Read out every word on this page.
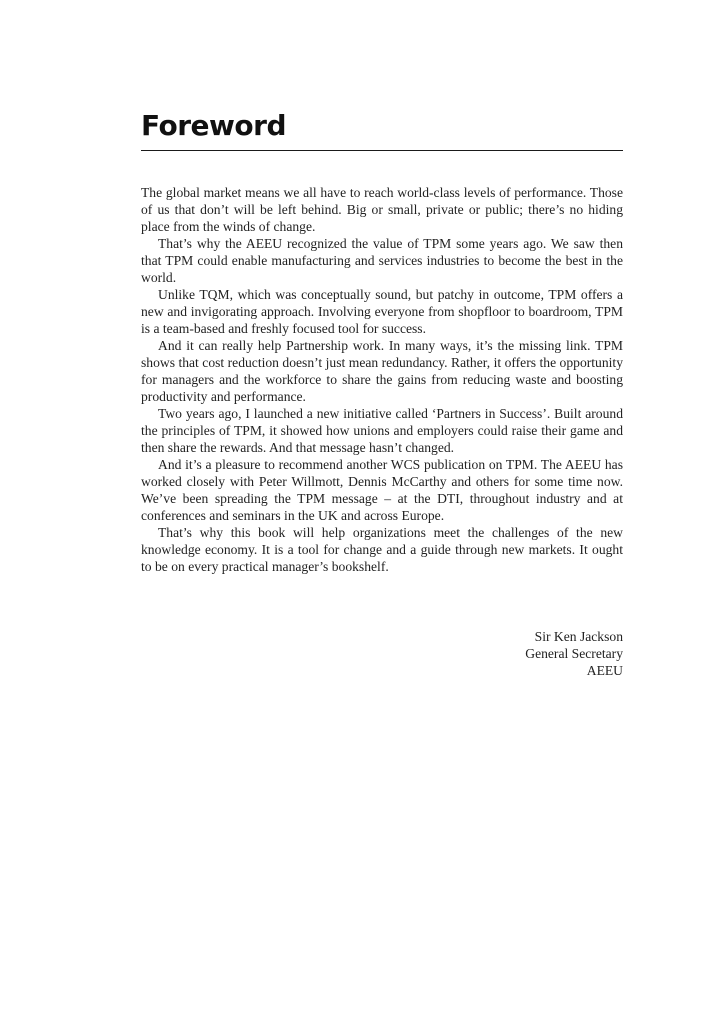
Foreword

The global market means we all have to reach world-class levels of performance. Those of us that don’t will be left behind. Big or small, private or public; there’s no hiding place from the winds of change.

That’s why the AEEU recognized the value of TPM some years ago. We saw then that TPM could enable manufacturing and services industries to become the best in the world.

Unlike TQM, which was conceptually sound, but patchy in outcome, TPM offers a new and invigorating approach. Involving everyone from shopfloor to boardroom, TPM is a team-based and freshly focused tool for success.

And it can really help Partnership work. In many ways, it’s the missing link. TPM shows that cost reduction doesn’t just mean redundancy. Rather, it offers the opportunity for managers and the workforce to share the gains from reducing waste and boosting productivity and performance.

Two years ago, I launched a new initiative called ‘Partners in Success’. Built around the principles of TPM, it showed how unions and employers could raise their game and then share the rewards. And that message hasn’t changed.

And it’s a pleasure to recommend another WCS publication on TPM. The AEEU has worked closely with Peter Willmott, Dennis McCarthy and others for some time now. We’ve been spreading the TPM message – at the DTI, throughout industry and at conferences and seminars in the UK and across Europe.

That’s why this book will help organizations meet the challenges of the new knowledge economy. It is a tool for change and a guide through new markets. It ought to be on every practical manager’s bookshelf.

Sir Ken Jackson
General Secretary
AEEU
